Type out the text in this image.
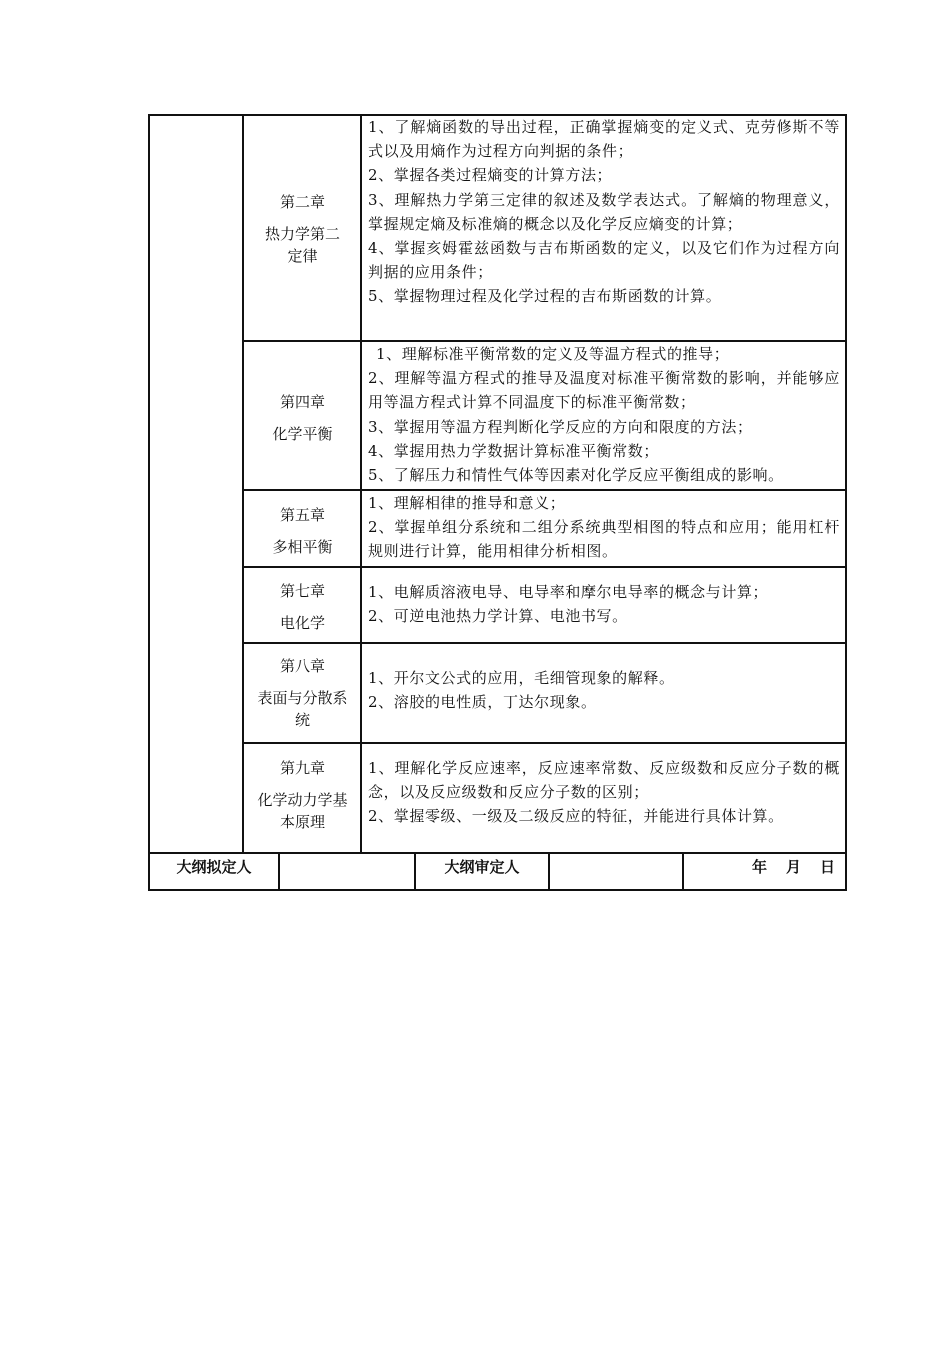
第二章
热力学第二定律

1、了解熵函数的导出过程，正确掌握熵变的定义式、克劳修斯不等式以及用熵作为过程方向判据的条件；

2、掌握各类过程熵变的计算方法；

3、理解热力学第三定律的叙述及数学表达式。了解熵的物理意义，掌握规定熵及标准熵的概念以及化学反应熵变的计算；

4、掌握亥姆霍兹函数与吉布斯函数的定义，以及它们作为过程方向判据的应用条件；

5、掌握物理过程及化学过程的吉布斯函数的计算。

第四章
化学平衡

1、理解标准平衡常数的定义及等温方程式的推导；

2、理解等温方程式的推导及温度对标准平衡常数的影响，并能够应用等温方程式计算不同温度下的标准平衡常数；

3、掌握用等温方程判断化学反应的方向和限度的方法；

4、掌握用热力学数据计算标准平衡常数；

5、了解压力和情性气体等因素对化学反应平衡组成的影响。

第五章
多相平衡

1、理解相律的推导和意义；

2、掌握单组分系统和二组分系统典型相图的特点和应用；能用杠杆规则进行计算，能用相律分析相图。

第七章
电化学

1、电解质溶液电导、电导率和摩尔电导率的概念与计算；

2、可逆电池热力学计算、电池书写。

第八章
表面与分散系统

1、开尔文公式的应用，毛细管现象的解释。

2、溶胶的电性质，丁达尔现象。

第九章
化学动力学基本原理

1、理解化学反应速率，反应速率常数、反应级数和反应分子数的概念，以及反应级数和反应分子数的区别；

2、掌握零级、一级及二级反应的特征，并能进行具体计算。

大纲拟定人	大纲审定人	年　月　日
